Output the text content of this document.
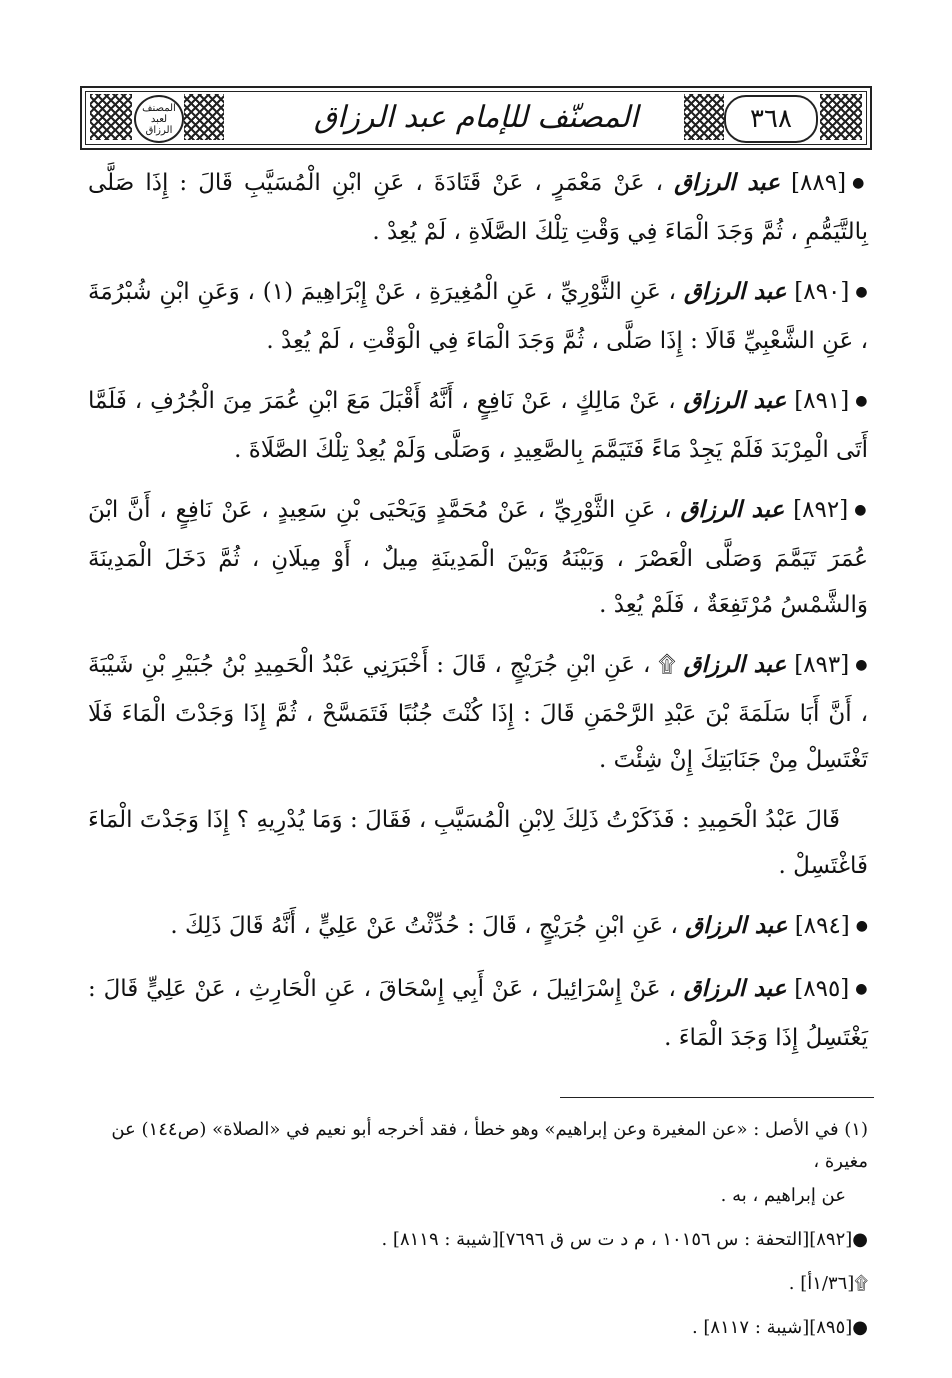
المصنف لعبد الرزاق	المصنّف للإمام عبد الرزاق	٣٦٨

●[٨٨٩] عبد الرزاق ، عَنْ مَعْمَرٍ ، عَنْ قَتَادَةَ ، عَنِ ابْنِ الْمُسَيَّبِ قَالَ : إِذَا صَلَّى بِالتَّيَمُّمِ ، ثُمَّ وَجَدَ الْمَاءَ فِي وَقْتِ تِلْكَ الصَّلَاةِ ، لَمْ يُعِدْ .

●[٨٩٠] عبد الرزاق ، عَنِ الثَّوْرِيِّ ، عَنِ الْمُغِيرَةِ ، عَنْ إِبْرَاهِيمَ (١) ، وَعَنِ ابْنِ شُبْرُمَةَ ، عَنِ الشَّعْبِيِّ قَالَا : إِذَا صَلَّى ، ثُمَّ وَجَدَ الْمَاءَ فِي الْوَقْتِ ، لَمْ يُعِدْ .

●[٨٩١] عبد الرزاق ، عَنْ مَالِكٍ ، عَنْ نَافِعٍ ، أَنَّهُ أَقْبَلَ مَعَ ابْنِ عُمَرَ مِنَ الْجُرُفِ ، فَلَمَّا أَتَى الْمِرْبَدَ فَلَمْ يَجِدْ مَاءً فَتَيَمَّمَ بِالصَّعِيدِ ، وَصَلَّى وَلَمْ يُعِدْ تِلْكَ الصَّلَاةَ .

●[٨٩٢] عبد الرزاق ، عَنِ الثَّوْرِيِّ ، عَنْ مُحَمَّدٍ وَيَحْيَى بْنِ سَعِيدٍ ، عَنْ نَافِعٍ ، أَنَّ ابْنَ عُمَرَ تَيَمَّمَ وَصَلَّى الْعَصْرَ ، وَبَيْنَهُ وَبَيْنَ الْمَدِينَةِ مِيلٌ ، أَوْ مِيلَانِ ، ثُمَّ دَخَلَ الْمَدِينَةَ وَالشَّمْسُ مُرْتَفِعَةٌ ، فَلَمْ يُعِدْ .

●[٨٩٣] عبد الرزاق ۩ ، عَنِ ابْنِ جُرَيْجٍ ، قَالَ : أَخْبَرَنِي عَبْدُ الْحَمِيدِ بْنُ جُبَيْرِ بْنِ شَيْبَةَ ، أَنَّ أَبَا سَلَمَةَ بْنَ عَبْدِ الرَّحْمَنِ قَالَ : إِذَا كُنْتَ جُنُبًا فَتَمَسَّحْ ، ثُمَّ إِذَا وَجَدْتَ الْمَاءَ فَلَا تَغْتَسِلْ مِنْ جَنَابَتِكَ إِنْ شِئْتَ .

قَالَ عَبْدُ الْحَمِيدِ : فَذَكَرْتُ ذَلِكَ لِابْنِ الْمُسَيَّبِ ، فَقَالَ : وَمَا يُدْرِيهِ ؟ إِذَا وَجَدْتَ الْمَاءَ فَاغْتَسِلْ .

●[٨٩٤] عبد الرزاق ، عَنِ ابْنِ جُرَيْجٍ ، قَالَ : حُدِّثْتُ عَنْ عَلِيٍّ ، أَنَّهُ قَالَ ذَلِكَ .

●[٨٩٥] عبد الرزاق ، عَنْ إِسْرَائِيلَ ، عَنْ أَبِي إِسْحَاقَ ، عَنِ الْحَارِثِ ، عَنْ عَلِيٍّ قَالَ : يَغْتَسِلُ إِذَا وَجَدَ الْمَاءَ .

(١) في الأصل : «عن المغيرة وعن إبراهيم» وهو خطأ ، فقد أخرجه أبو نعيم في «الصلاة» (ص١٤٤) عن مغيرة ،

عن إبراهيم ، به .

●[٨٩٢][التحفة : س ١٠١٥٦ ، م د ت س ق ٧٦٩٦][شيبة : ٨١١٩] .

۩[١/٣٦أ] .

●[٨٩٥][شيبة : ٨١١٧] .
